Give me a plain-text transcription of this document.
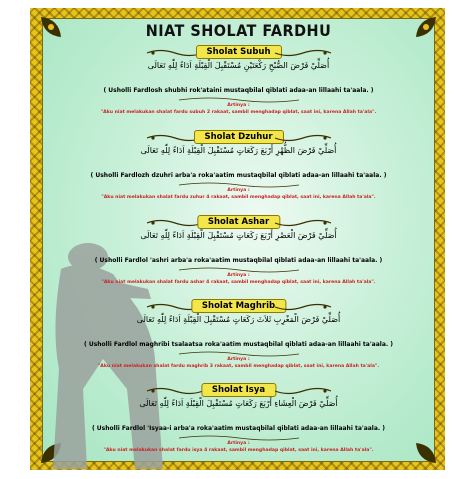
NIAT SHOLAT FARDHU
Sholat Subuh
أُصَلِّيْ فَرْضَ الصُّبْحِ رَكْعَتَيْنِ مُسْتَقْبِلَ الْقِبْلَةِ اَدَاءً لِلّٰهِ تَعَالَى
( Usholli Fardlosh shubhi rok'ataini mustaqbilal qiblati adaa-an lillaahi ta'aala. )
Artinya :
"Aku niat melakukan shalat fardu subuh 2 rakaat, sambil menghadap qiblat, saat ini, karena Allah ta'ala".
Sholat Dzuhur
أُصَلِّيْ فَرْضَ الظُّهْرِ أَرْبَعَ رَكَعَاتٍ مُسْتَقْبِلَ الْقِبْلَةِ اَدَاءً لِلّٰهِ تَعَالَى
( Usholli Fardlozh dzuhri arba'a roka'aatim mustaqbilal qiblati adaa-an lillaahi ta'aala. )
Artinya :
"Aku niat melakukan shalat fardu zuhur 4 rakaat, sambil menghadap qiblat, saat ini, karena Allah ta'ala".
Sholat Ashar
أُصَلِّيْ فَرْضَ الْعَصْرِ أَرْبَعَ رَكَعَاتٍ مُسْتَقْبِلَ الْقِبْلَةِ اَدَاءً لِلّٰهِ تَعَالَى
( Usholli Fardlol 'ashri arba'a roka'aatim mustaqbilal qiblati adaa-an lillaahi ta'aala. )
Artinya :
"Aku niat melakukan shalat fardu ashar 4 rakaat, sambil menghadap qiblat, saat ini, karena Allah ta'ala".
Sholat Maghrib
أُصَلِّيْ فَرْضَ الْمَغْرِبِ ثَلاَثَ رَكَعَاتٍ مُسْتَقْبِلَ الْقِبْلَةِ اَدَاءً لِلّٰهِ تَعَالَى
( Usholli Fardlol maghribi tsalaatsa roka'aatim mustaqbilal qiblati adaa-an lillaahi ta'aala. )
Artinya :
"Aku niat melakukan shalat fardu maghrib 3 rakaat, sambil menghadap qiblat, saat ini, karena Allah ta'ala".
Sholat Isya
أُصَلِّيْ فَرْضَ الْعِشَاءِ أَرْبَعَ رَكَعَاتٍ مُسْتَقْبِلَ الْقِبْلَةِ اَدَاءً لِلّٰهِ تَعَالَى
( Usholli Fardlol 'Isyaa-i arba'a roka'aatim mustaqbilal qiblati adaa-an lillaahi ta'aala. )
Artinya :
"Aku niat melakukan shalat fardu isya 4 rakaat, sambil menghadap qiblat, saat ini, karena Allah ta'ala".
